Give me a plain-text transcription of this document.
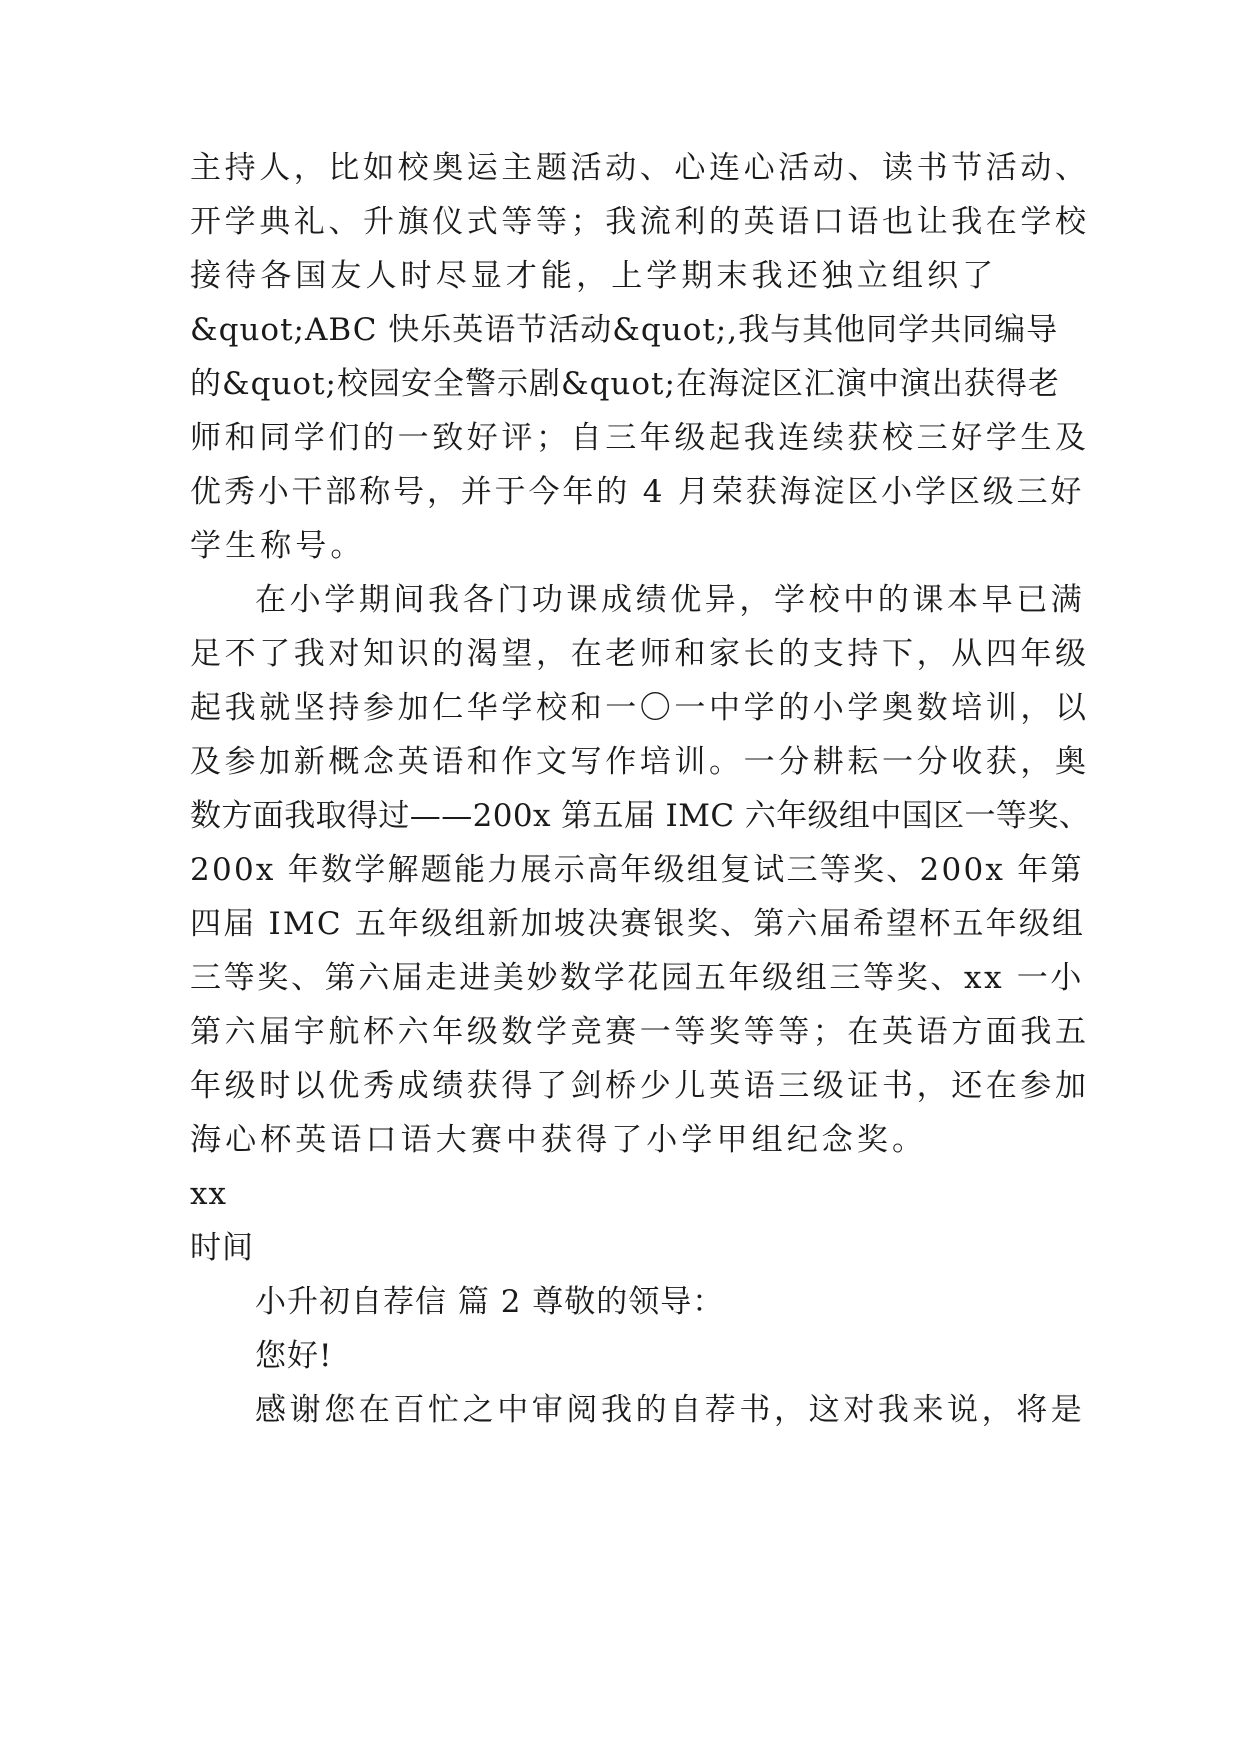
主持人，比如校奥运主题活动、心连心活动、读书节活动、
开学典礼、升旗仪式等等；我流利的英语口语也让我在学校
接待各国友人时尽显才能，上学期末我还独立组织了
&quot;ABC 快乐英语节活动&quot;,我与其他同学共同编导
的&quot;校园安全警示剧&quot;在海淀区汇演中演出获得老
师和同学们的一致好评；自三年级起我连续获校三好学生及
优秀小干部称号，并于今年的 4 月荣获海淀区小学区级三好
学生称号。
在小学期间我各门功课成绩优异，学校中的课本早已满
足不了我对知识的渴望，在老师和家长的支持下，从四年级
起我就坚持参加仁华学校和一〇一中学的小学奥数培训，以
及参加新概念英语和作文写作培训。一分耕耘一分收获，奥
数方面我取得过——200x 第五届 IMC 六年级组中国区一等奖、
200x 年数学解题能力展示高年级组复试三等奖、200x 年第
四届 IMC 五年级组新加坡决赛银奖、第六届希望杯五年级组
三等奖、第六届走进美妙数学花园五年级组三等奖、xx 一小
第六届宇航杯六年级数学竞赛一等奖等等；在英语方面我五
年级时以优秀成绩获得了剑桥少儿英语三级证书，还在参加
海心杯英语口语大赛中获得了小学甲组纪念奖。
xx
时间
小升初自荐信 篇 2 尊敬的领导：
您好!
感谢您在百忙之中审阅我的自荐书，这对我来说，将是
